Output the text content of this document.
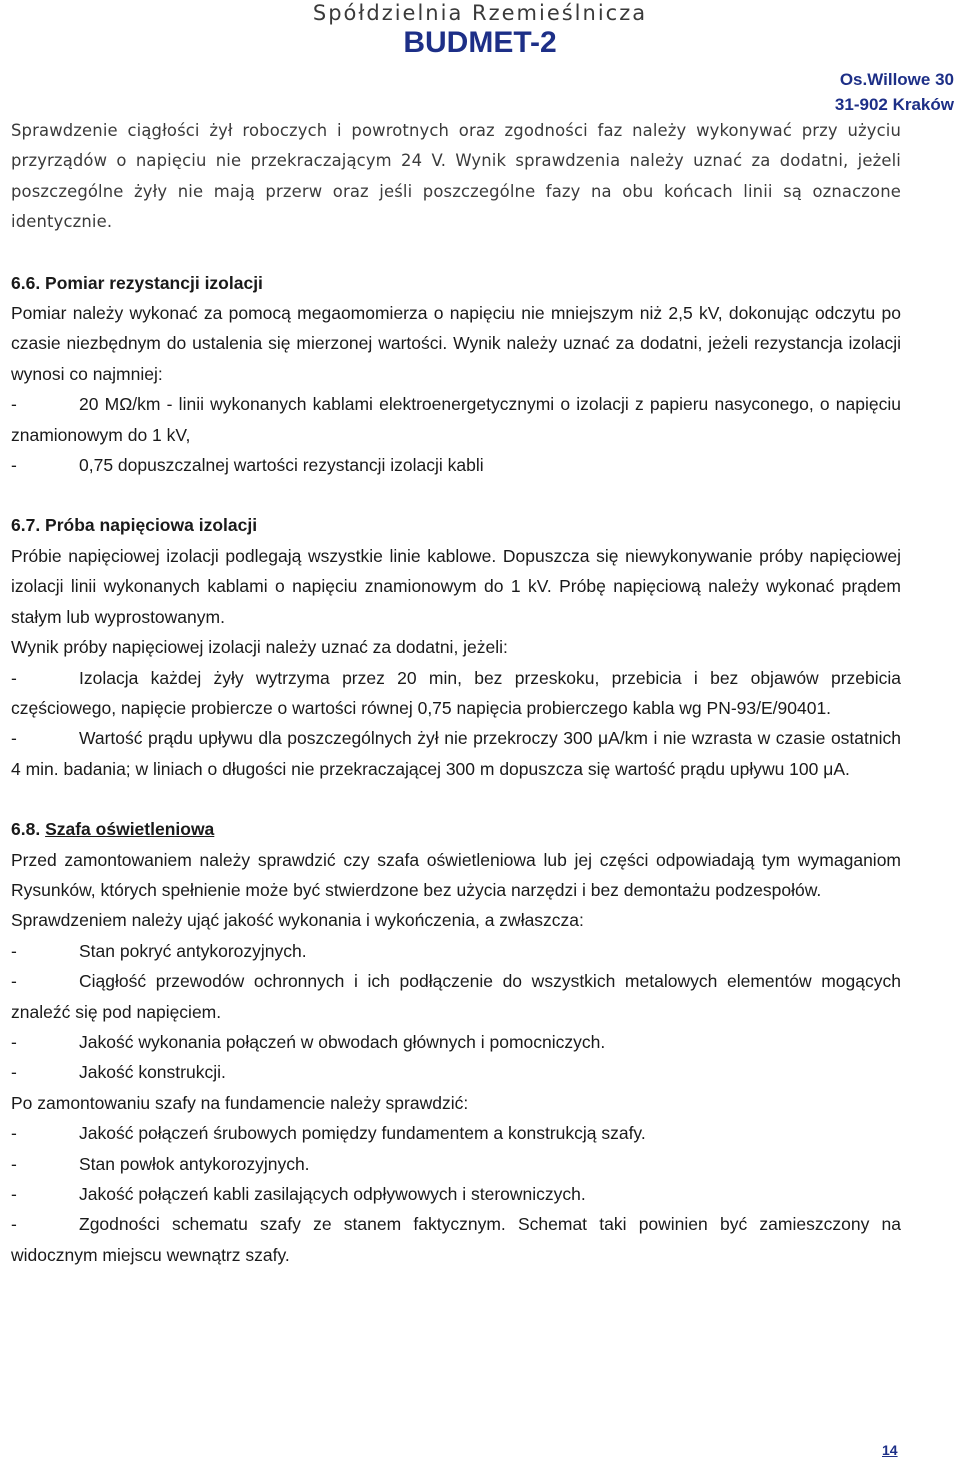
Spółdzielnia Rzemieślnicza
BUDMET-2
Os.Willowe 30
31-902 Kraków

Sprawdzenie ciągłości żył roboczych i powrotnych oraz zgodności faz należy wykonywać przy użyciu przyrządów o napięciu nie przekraczającym 24 V. Wynik sprawdzenia należy uznać za dodatni, jeżeli poszczególne żyły nie mają przerw oraz jeśli poszczególne fazy na obu końcach linii są oznaczone identycznie.

6.6. Pomiar rezystancji izolacji

Pomiar należy wykonać za pomocą megaomomierza o napięciu nie mniejszym niż 2,5 kV, dokonując odczytu po czasie niezbędnym do ustalenia się mierzonej wartości. Wynik należy uznać za dodatni, jeżeli rezystancja izolacji wynosi co najmniej:

-	20 MΩ/km - linii wykonanych kablami elektroenergetycznymi o izolacji z papieru nasyconego, o napięciu znamionowym do 1 kV,

-	0,75 dopuszczalnej wartości rezystancji izolacji kabli

6.7. Próba napięciowa izolacji

Próbie napięciowej izolacji podlegają wszystkie linie kablowe. Dopuszcza się niewykonywanie próby napięciowej izolacji linii wykonanych kablami o napięciu znamionowym do 1 kV. Próbę napięciową należy wykonać prądem stałym lub wyprostowanym.

Wynik próby napięciowej izolacji należy uznać za dodatni, jeżeli:

-	Izolacja każdej żyły wytrzyma przez 20 min, bez przeskoku, przebicia i bez objawów przebicia częściowego, napięcie probiercze o wartości równej 0,75 napięcia probierczego kabla wg PN-93/E/90401.

-	Wartość prądu upływu dla poszczególnych żył nie przekroczy 300 μA/km i nie wzrasta w czasie ostatnich 4 min. badania; w liniach o długości nie przekraczającej 300 m dopuszcza się wartość prądu upływu 100 μA.

6.8. Szafa oświetleniowa

Przed zamontowaniem należy sprawdzić czy szafa oświetleniowa lub jej części odpowiadają tym wymaganiom Rysunków, których spełnienie może być stwierdzone bez użycia narzędzi i bez demontażu podzespołów.

Sprawdzeniem należy ująć jakość wykonania i wykończenia, a zwłaszcza:

-	Stan pokryć antykorozyjnych.

-	Ciągłość przewodów ochronnych i ich podłączenie do wszystkich metalowych elementów mogących znaleźć się pod napięciem.

-	Jakość wykonania połączeń w obwodach głównych i pomocniczych.

-	Jakość konstrukcji.

Po zamontowaniu szafy na fundamencie należy sprawdzić:

-	Jakość połączeń śrubowych pomiędzy fundamentem a konstrukcją szafy.

-	Stan powłok antykorozyjnych.

-	Jakość połączeń kabli zasilających odpływowych i sterowniczych.

-	Zgodności schematu szafy ze stanem faktycznym. Schemat taki powinien być zamieszczony na widocznym miejscu wewnątrz szafy.

14
